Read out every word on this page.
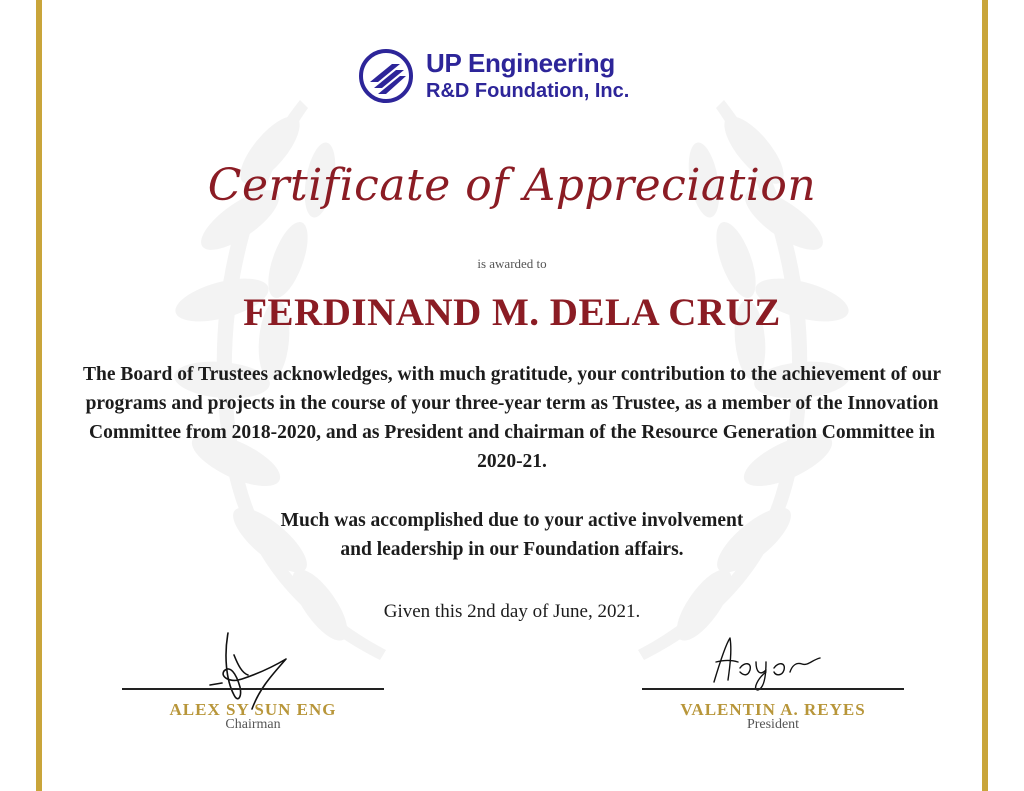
UP Engineering
R&D Foundation, Inc.
Certificate of Appreciation
is awarded to
FERDINAND M. DELA CRUZ

The Board of Trustees acknowledges, with much gratitude, your contribution to the achievement of our programs and projects in the course of your three-year term as Trustee, as a member of the Innovation Committee from 2018-2020, and as President and chairman of the Resource Generation Committee in 2020-21.

Much was accomplished due to your active involvement

and leadership in our Foundation affairs.

Given this 2nd day of June, 2021.
ALEX SY SUN ENG
Chairman
VALENTIN A. REYES
President
